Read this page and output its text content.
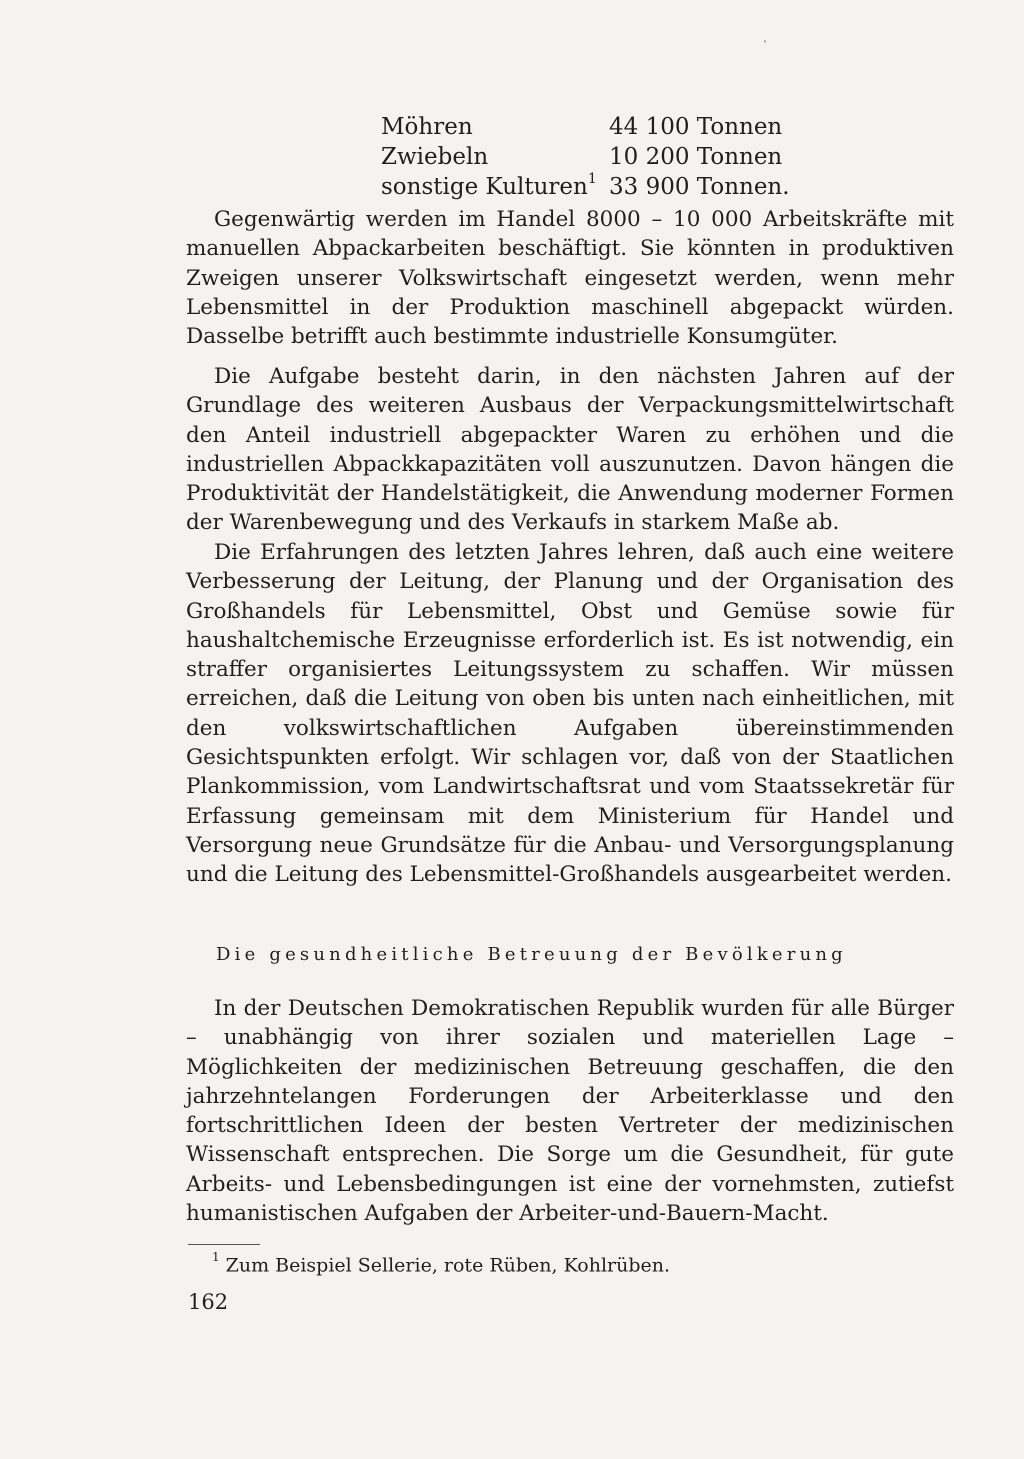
Möhren	44 100 Tonnen
Zwiebeln	10 200 Tonnen
sonstige Kulturen$^1$ 33 900 Tonnen.

Gegenwärtig werden im Handel 8000 – 10 000 Arbeitskräfte mit manuellen Abpackarbeiten beschäftigt. Sie könnten in produktiven Zweigen unserer Volkswirtschaft eingesetzt werden, wenn mehr Lebensmittel in der Produktion maschinell abgepackt würden. Dasselbe betrifft auch bestimmte industrielle Konsumgüter.

Die Aufgabe besteht darin, in den nächsten Jahren auf der Grundlage des weiteren Ausbaus der Verpackungsmittelwirtschaft den Anteil industriell abgepackter Waren zu erhöhen und die industriellen Abpackkapazitäten voll auszunutzen. Davon hängen die Produktivität der Handelstätigkeit, die Anwendung moderner Formen der Warenbewegung und des Verkaufs in starkem Maße ab.

Die Erfahrungen des letzten Jahres lehren, daß auch eine weitere Verbesserung der Leitung, der Planung und der Organisation des Großhandels für Lebensmittel, Obst und Gemüse sowie für haushaltchemische Erzeugnisse erforderlich ist. Es ist notwendig, ein straffer organisiertes Leitungssystem zu schaffen. Wir müssen erreichen, daß die Leitung von oben bis unten nach einheitlichen, mit den volkswirtschaftlichen Aufgaben übereinstimmenden Gesichtspunkten erfolgt. Wir schlagen vor, daß von der Staatlichen Plankommission, vom Landwirtschaftsrat und vom Staatssekretär für Erfassung gemeinsam mit dem Ministerium für Handel und Versorgung neue Grundsätze für die Anbau- und Versorgungsplanung und die Leitung des Lebensmittel-Großhandels ausgearbeitet werden.

Die gesundheitliche Betreuung der Bevölkerung

In der Deutschen Demokratischen Republik wurden für alle Bürger – unabhängig von ihrer sozialen und materiellen Lage – Möglichkeiten der medizinischen Betreuung geschaffen, die den jahrzehntelangen Forderungen der Arbeiterklasse und den fortschrittlichen Ideen der besten Vertreter der medizinischen Wissenschaft entsprechen. Die Sorge um die Gesundheit, für gute Arbeits- und Lebensbedingungen ist eine der vornehmsten, zutiefst humanistischen Aufgaben der Arbeiter-und-Bauern-Macht.

$^1$ Zum Beispiel Sellerie, rote Rüben, Kohlrüben.
162
